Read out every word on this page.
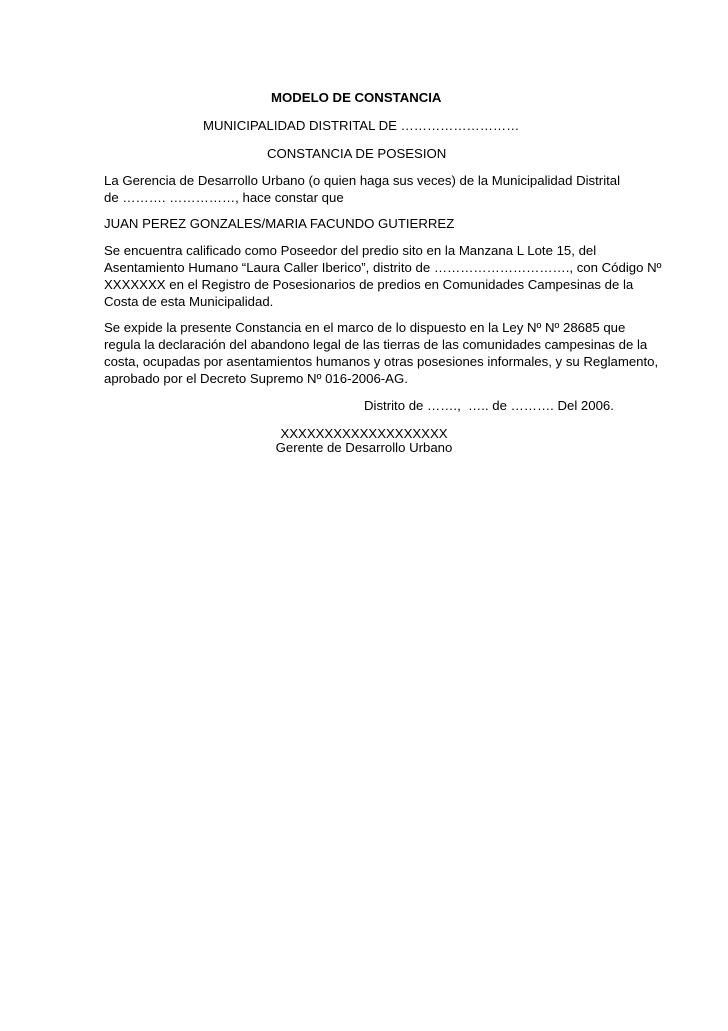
MODELO DE CONSTANCIA
MUNICIPALIDAD DISTRITAL DE ………………………
CONSTANCIA DE POSESION
La Gerencia de Desarrollo Urbano (o quien haga sus veces) de la Municipalidad Distrital
de ………. ……………, hace constar que
JUAN PEREZ GONZALES/MARIA FACUNDO GUTIERREZ
Se encuentra calificado como Poseedor del predio sito en la Manzana L Lote 15, del
Asentamiento Humano “Laura Caller Iberico”, distrito de …………………………., con Código Nº
XXXXXXX en el Registro de Posesionarios de predios en Comunidades Campesinas de la
Costa de esta Municipalidad.
Se expide la presente Constancia en el marco de lo dispuesto en la Ley Nº Nº 28685 que
regula la declaración del abandono legal de las tierras de las comunidades campesinas de la
costa, ocupadas por asentamientos humanos y otras posesiones informales, y su Reglamento,
aprobado por el Decreto Supremo Nº 016-2006-AG.
Distrito de …….,  ….. de ………. Del 2006.
XXXXXXXXXXXXXXXXXXX
Gerente de Desarrollo Urbano
